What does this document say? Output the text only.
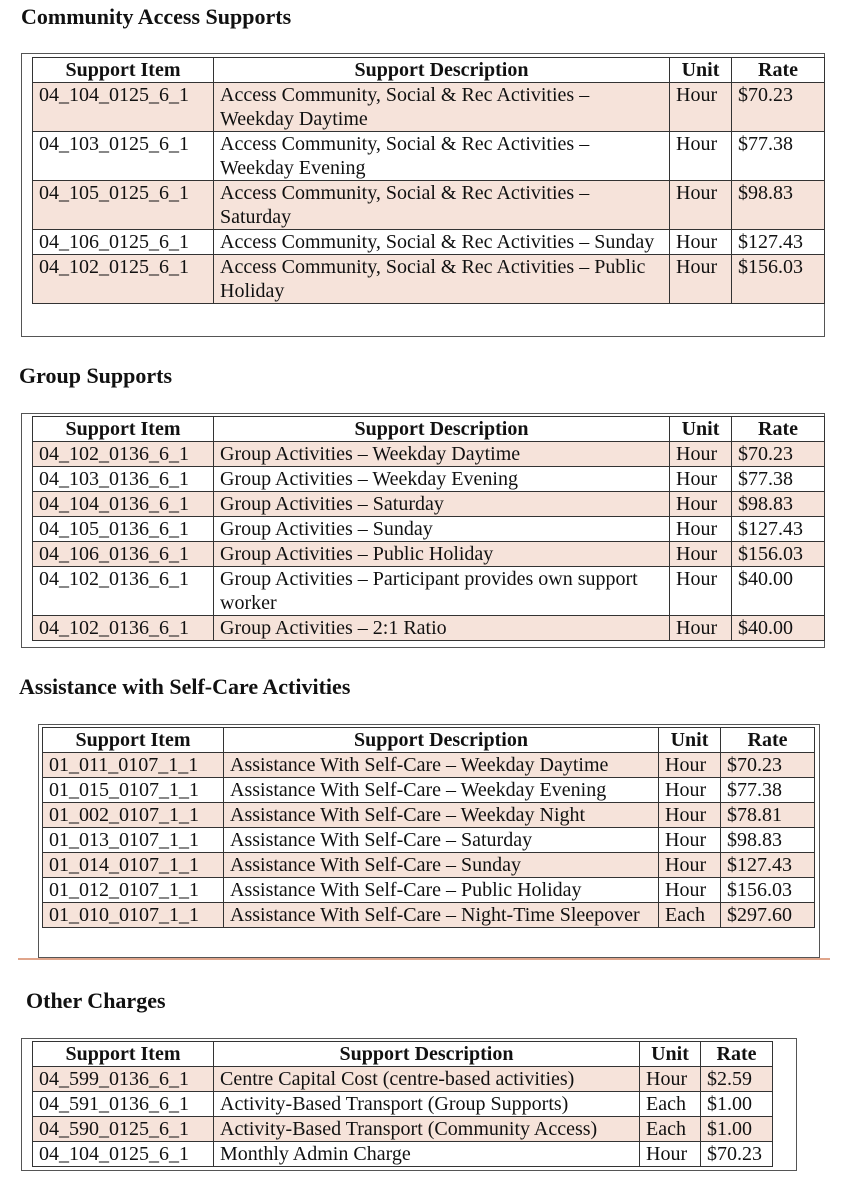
Community Access Supports
Support Item	Support Description	Unit	Rate
04_104_0125_6_1	Access Community, Social & Rec Activities – Weekday Daytime	Hour	$70.23
04_103_0125_6_1	Access Community, Social & Rec Activities – Weekday Evening	Hour	$77.38
04_105_0125_6_1	Access Community, Social & Rec Activities – Saturday	Hour	$98.83
04_106_0125_6_1	Access Community, Social & Rec Activities – Sunday	Hour	$127.43
04_102_0125_6_1	Access Community, Social & Rec Activities – Public Holiday	Hour	$156.03
Group Supports
Support Item	Support Description	Unit	Rate
04_102_0136_6_1	Group Activities – Weekday Daytime	Hour	$70.23
04_103_0136_6_1	Group Activities – Weekday Evening	Hour	$77.38
04_104_0136_6_1	Group Activities – Saturday	Hour	$98.83
04_105_0136_6_1	Group Activities – Sunday	Hour	$127.43
04_106_0136_6_1	Group Activities – Public Holiday	Hour	$156.03
04_102_0136_6_1	Group Activities – Participant provides own support worker	Hour	$40.00
04_102_0136_6_1	Group Activities – 2:1 Ratio	Hour	$40.00
Assistance with Self-Care Activities
Support Item	Support Description	Unit	Rate
01_011_0107_1_1	Assistance With Self-Care – Weekday Daytime	Hour	$70.23
01_015_0107_1_1	Assistance With Self-Care – Weekday Evening	Hour	$77.38
01_002_0107_1_1	Assistance With Self-Care – Weekday Night	Hour	$78.81
01_013_0107_1_1	Assistance With Self-Care – Saturday	Hour	$98.83
01_014_0107_1_1	Assistance With Self-Care – Sunday	Hour	$127.43
01_012_0107_1_1	Assistance With Self-Care – Public Holiday	Hour	$156.03
01_010_0107_1_1	Assistance With Self-Care – Night-Time Sleepover	Each	$297.60
Other Charges
Support Item	Support Description	Unit	Rate
04_599_0136_6_1	Centre Capital Cost (centre-based activities)	Hour	$2.59
04_591_0136_6_1	Activity-Based Transport (Group Supports)	Each	$1.00
04_590_0125_6_1	Activity-Based Transport (Community Access)	Each	$1.00
04_104_0125_6_1	Monthly Admin Charge	Hour	$70.23
